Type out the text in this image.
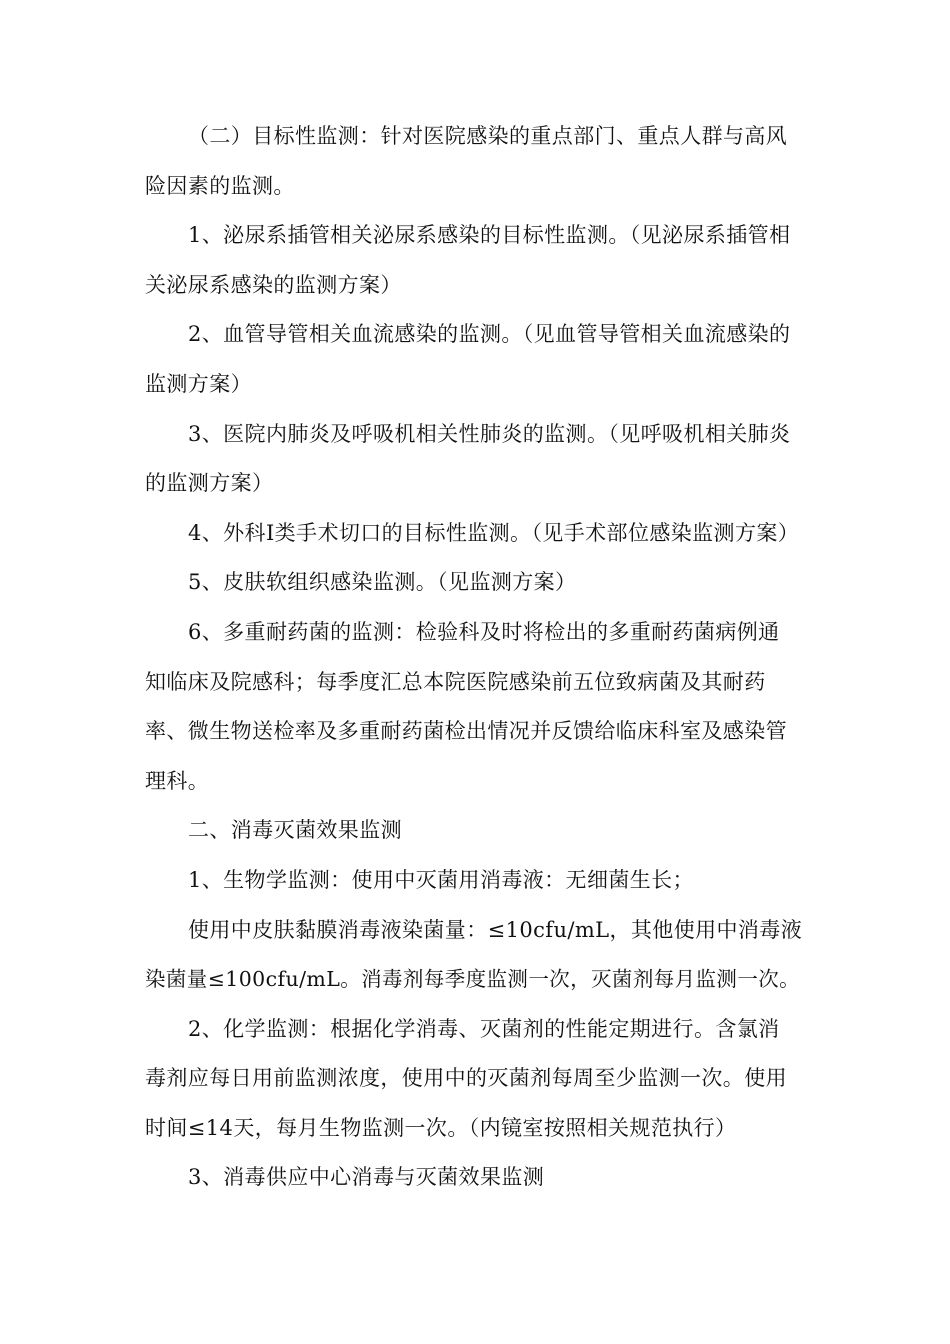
（二）目标性监测：针对医院感染的重点部门、重点人群与高风
险因素的监测。
1、泌尿系插管相关泌尿系感染的目标性监测。（见泌尿系插管相
关泌尿系感染的监测方案）
2、血管导管相关血流感染的监测。（见血管导管相关血流感染的
监测方案）
3、医院内肺炎及呼吸机相关性肺炎的监测。（见呼吸机相关肺炎
的监测方案）
4、外科Ⅰ类手术切口的目标性监测。（见手术部位感染监测方案）
5、皮肤软组织感染监测。（见监测方案）
6、多重耐药菌的监测：检验科及时将检出的多重耐药菌病例通
知临床及院感科；每季度汇总本院医院感染前五位致病菌及其耐药
率、微生物送检率及多重耐药菌检出情况并反馈给临床科室及感染管
理科。
二、消毒灭菌效果监测
1、生物学监测：使用中灭菌用消毒液：无细菌生长；
使用中皮肤黏膜消毒液染菌量：≤10cfu/mL，其他使用中消毒液
染菌量≤100cfu/mL。消毒剂每季度监测一次，灭菌剂每月监测一次。
2、化学监测：根据化学消毒、灭菌剂的性能定期进行。含氯消
毒剂应每日用前监测浓度，使用中的灭菌剂每周至少监测一次。使用
时间≤14天，每月生物监测一次。（内镜室按照相关规范执行）
3、消毒供应中心消毒与灭菌效果监测
